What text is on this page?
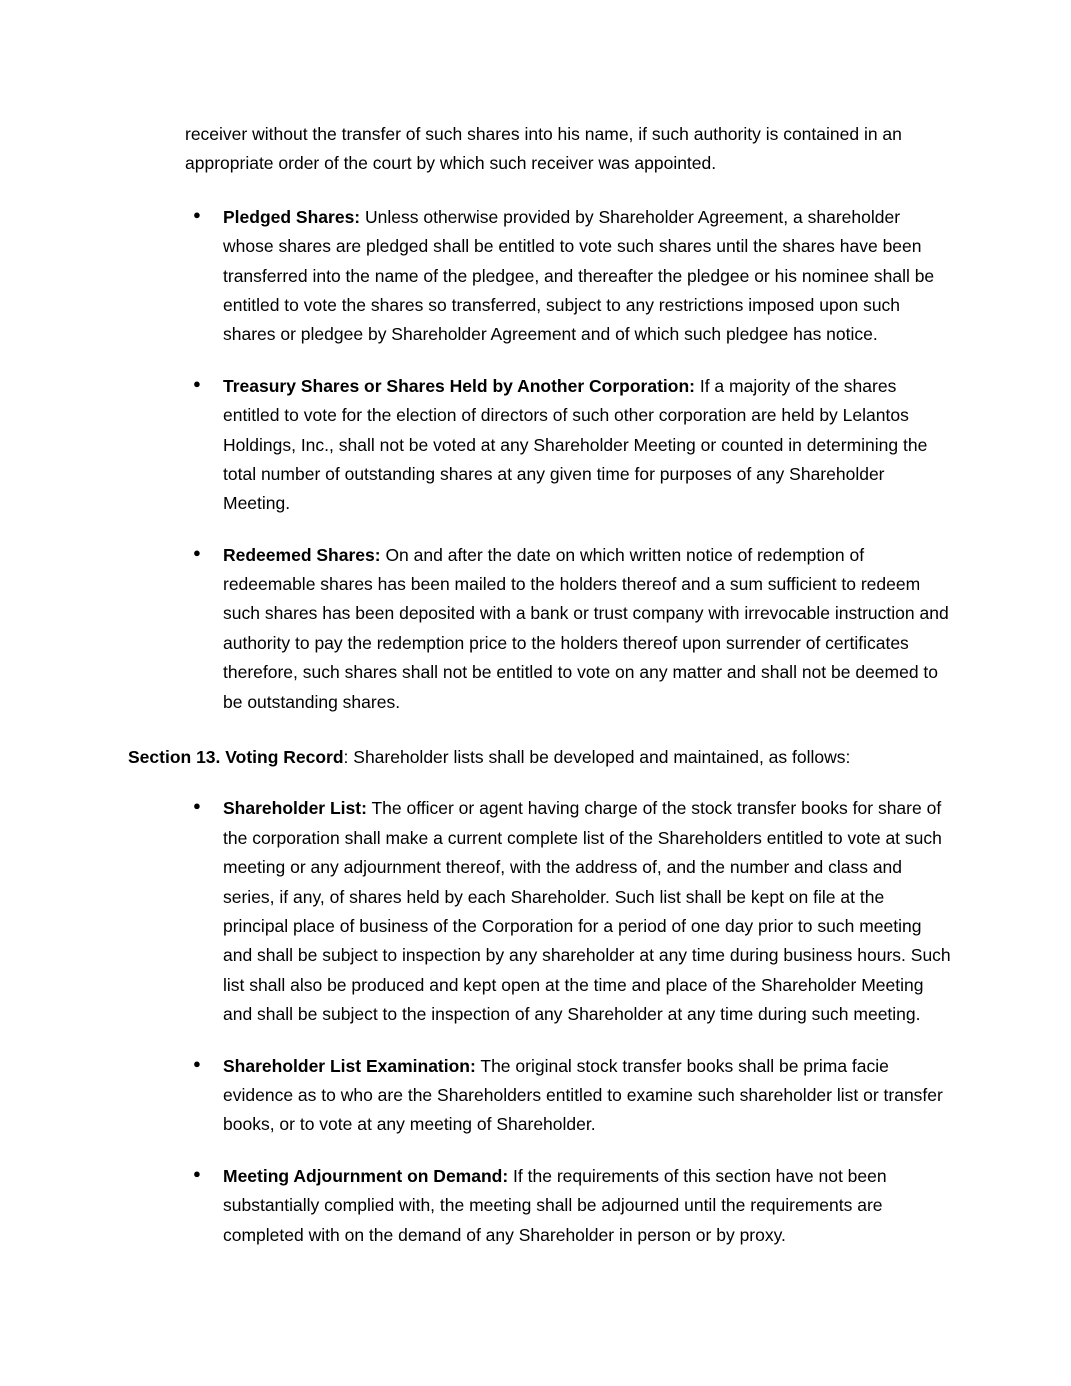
receiver without the transfer of such shares into his name, if such authority is contained in an appropriate order of the court by which such receiver was appointed.

● Pledged Shares: Unless otherwise provided by Shareholder Agreement, a shareholder whose shares are pledged shall be entitled to vote such shares until the shares have been transferred into the name of the pledgee, and thereafter the pledgee or his nominee shall be entitled to vote the shares so transferred, subject to any restrictions imposed upon such shares or pledgee by Shareholder Agreement and of which such pledgee has notice.
● Treasury Shares or Shares Held by Another Corporation: If a majority of the shares entitled to vote for the election of directors of such other corporation are held by Lelantos Holdings, Inc., shall not be voted at any Shareholder Meeting or counted in determining the total number of outstanding shares at any given time for purposes of any Shareholder Meeting.
● Redeemed Shares: On and after the date on which written notice of redemption of redeemable shares has been mailed to the holders thereof and a sum sufficient to redeem such shares has been deposited with a bank or trust company with irrevocable instruction and authority to pay the redemption price to the holders thereof upon surrender of certificates therefore, such shares shall not be entitled to vote on any matter and shall not be deemed to be outstanding shares.

Section 13. Voting Record: Shareholder lists shall be developed and maintained, as follows:

● Shareholder List: The officer or agent having charge of the stock transfer books for share of the corporation shall make a current complete list of the Shareholders entitled to vote at such meeting or any adjournment thereof, with the address of, and the number and class and series, if any, of shares held by each Shareholder. Such list shall be kept on file at the principal place of business of the Corporation for a period of one day prior to such meeting and shall be subject to inspection by any shareholder at any time during business hours. Such list shall also be produced and kept open at the time and place of the Shareholder Meeting and shall be subject to the inspection of any Shareholder at any time during such meeting.
● Shareholder List Examination: The original stock transfer books shall be prima facie evidence as to who are the Shareholders entitled to examine such shareholder list or transfer books, or to vote at any meeting of Shareholder.
● Meeting Adjournment on Demand: If the requirements of this section have not been substantially complied with, the meeting shall be adjourned until the requirements are completed with on the demand of any Shareholder in person or by proxy.
